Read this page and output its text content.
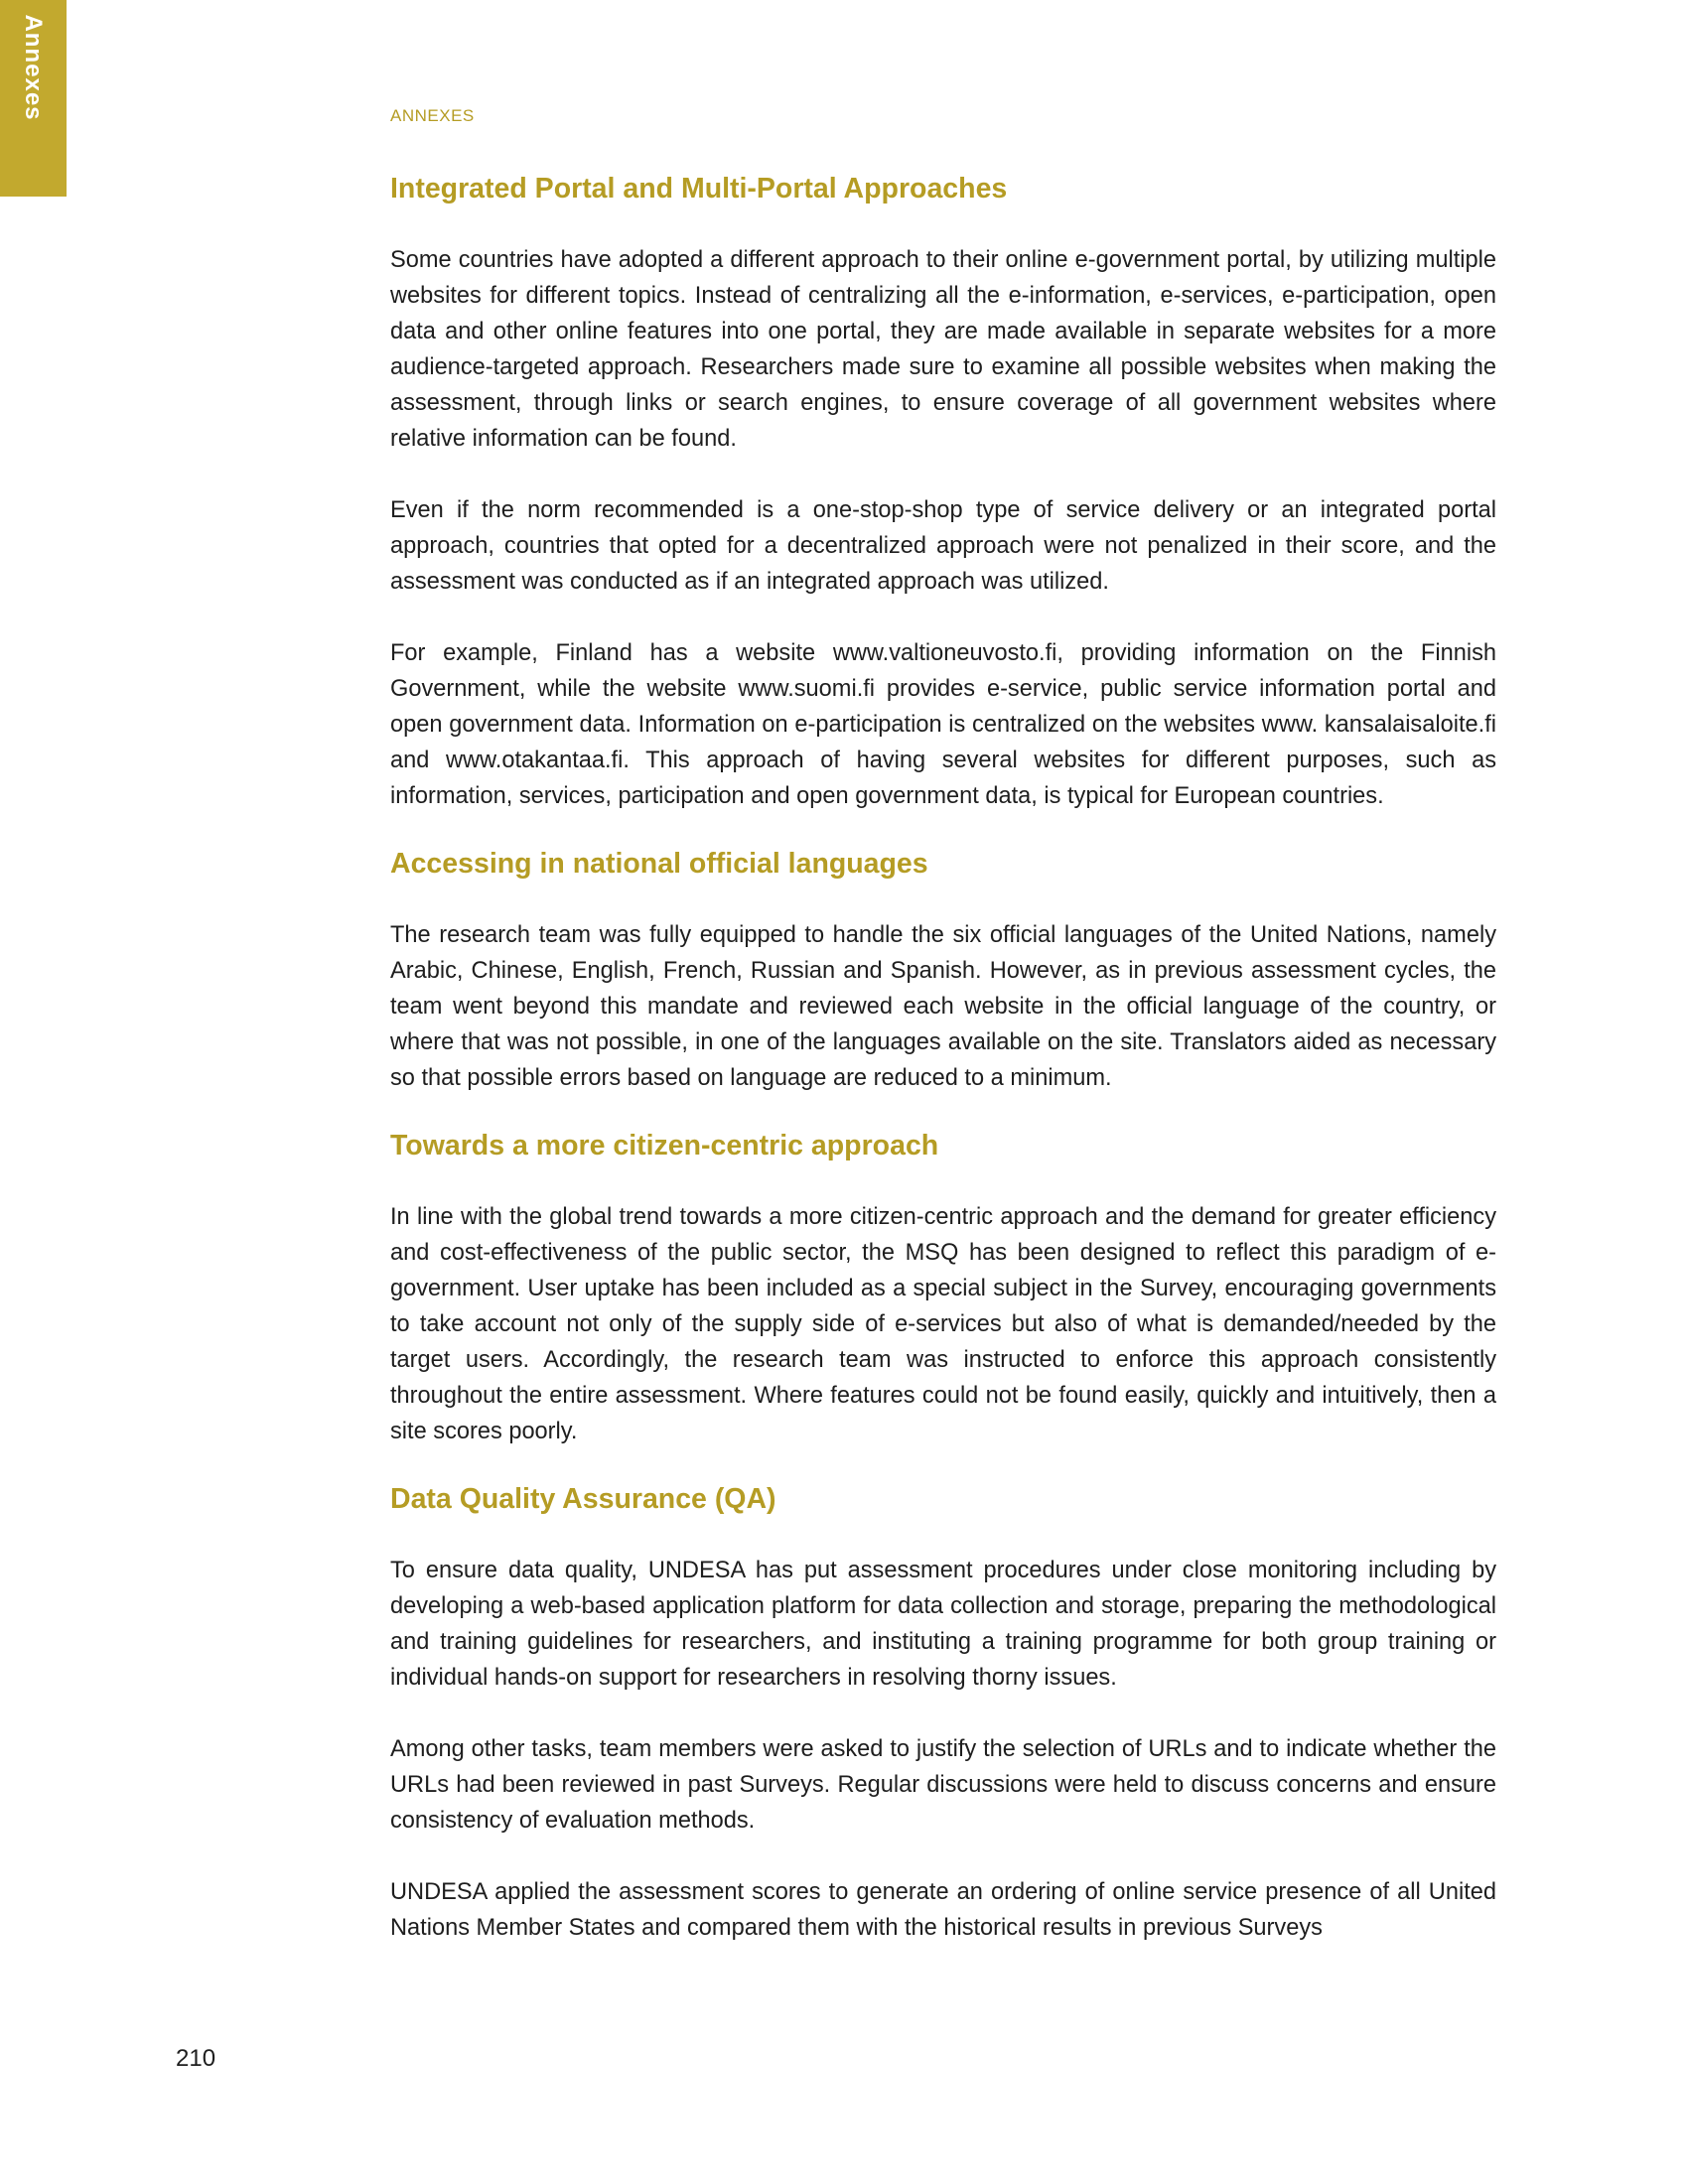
Annexes	ANNEXES
Integrated Portal and Multi-Portal Approaches

Some countries have adopted a different approach to their online e-government portal, by utilizing multiple websites for different topics. Instead of centralizing all the e-information, e-services, e-participation, open data and other online features into one portal, they are made available in separate websites for a more audience-targeted approach. Researchers made sure to examine all possible websites when making the assessment, through links or search engines, to ensure coverage of all government websites where relative information can be found.

Even if the norm recommended is a one-stop-shop type of service delivery or an integrated portal approach, countries that opted for a decentralized approach were not penalized in their score, and the assessment was conducted as if an integrated approach was utilized.

For example, Finland has a website www.valtioneuvosto.fi, providing information on the Finnish Government, while the website www.suomi.fi provides e-service, public service information portal and open government data. Information on e-participation is centralized on the websites www. kansalaisaloite.fi and www.otakantaa.fi. This approach of having several websites for different purposes, such as information, services, participation and open government data, is typical for European countries.

Accessing in national official languages

The research team was fully equipped to handle the six official languages of the United Nations, namely Arabic, Chinese, English, French, Russian and Spanish. However, as in previous assessment cycles, the team went beyond this mandate and reviewed each website in the official language of the country, or where that was not possible, in one of the languages available on the site. Translators aided as necessary so that possible errors based on language are reduced to a minimum.

Towards a more citizen-centric approach

In line with the global trend towards a more citizen-centric approach and the demand for greater efficiency and cost-effectiveness of the public sector, the MSQ has been designed to reflect this paradigm of e-government. User uptake has been included as a special subject in the Survey, encouraging governments to take account not only of the supply side of e-services but also of what is demanded/needed by the target users. Accordingly, the research team was instructed to enforce this approach consistently throughout the entire assessment. Where features could not be found easily, quickly and intuitively, then a site scores poorly.

Data Quality Assurance (QA)

To ensure data quality, UNDESA has put assessment procedures under close monitoring including by developing a web-based application platform for data collection and storage, preparing the methodological and training guidelines for researchers, and instituting a training programme for both group training or individual hands-on support for researchers in resolving thorny issues.

Among other tasks, team members were asked to justify the selection of URLs and to indicate whether the URLs had been reviewed in past Surveys. Regular discussions were held to discuss concerns and ensure consistency of evaluation methods.

UNDESA applied the assessment scores to generate an ordering of online service presence of all United Nations Member States and compared them with the historical results in previous Surveys

210
